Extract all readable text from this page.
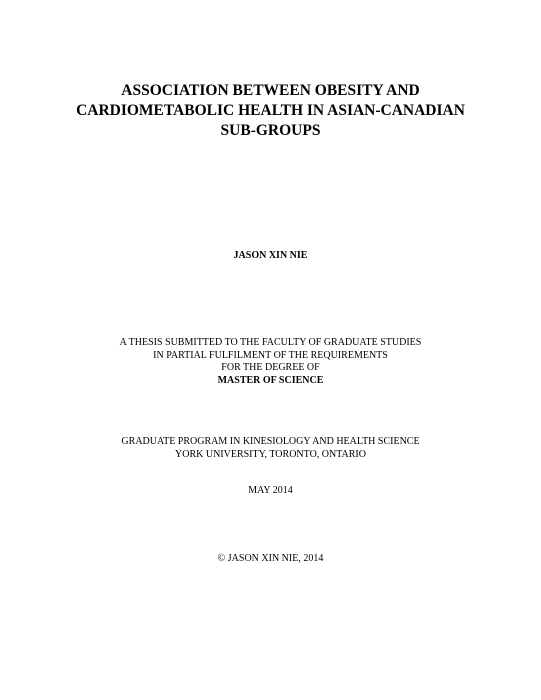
ASSOCIATION BETWEEN OBESITY AND
CARDIOMETABOLIC HEALTH IN ASIAN-CANADIAN
SUB-GROUPS
JASON XIN NIE
A THESIS SUBMITTED TO THE FACULTY OF GRADUATE STUDIES
IN PARTIAL FULFILMENT OF THE REQUIREMENTS
FOR THE DEGREE OF
MASTER OF SCIENCE
GRADUATE PROGRAM IN KINESIOLOGY AND HEALTH SCIENCE
YORK UNIVERSITY, TORONTO, ONTARIO
MAY 2014
© JASON XIN NIE, 2014
